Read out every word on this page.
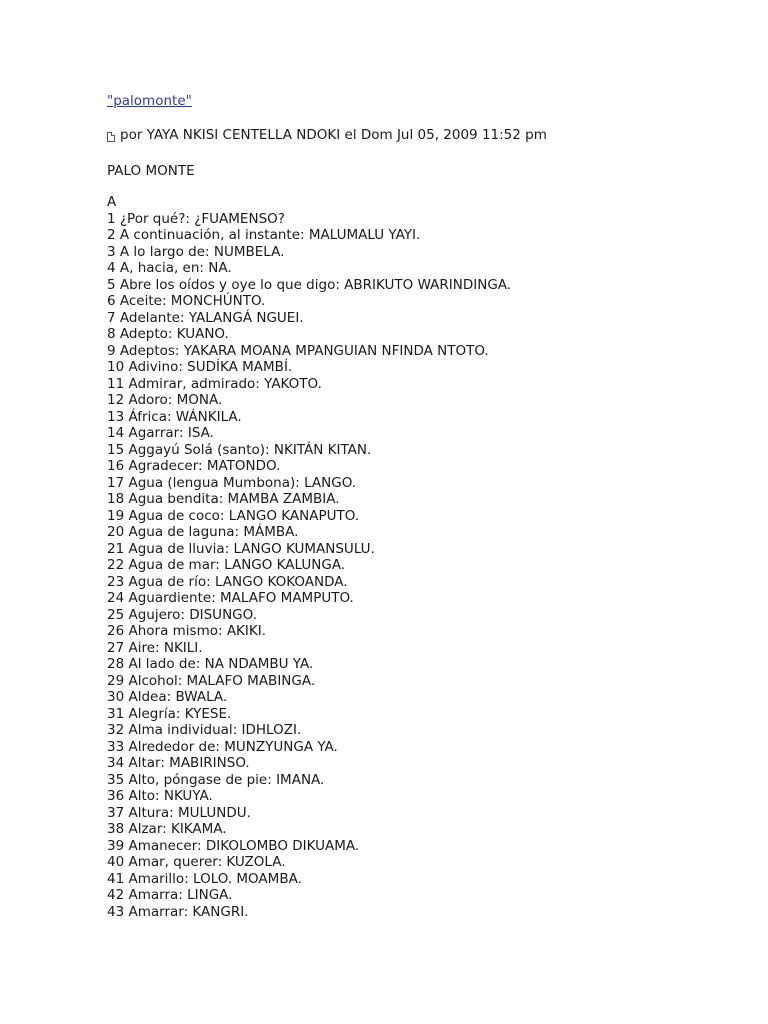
"palomonte"
por YAYA NKISI CENTELLA NDOKI el Dom Jul 05, 2009 11:52 pm
PALO MONTE
A
1 ¿Por qué?: ¿FUAMENSO?
2 A continuación, al instante: MALUMALU YAYI.
3 A lo largo de: NUMBELA.
4 A, hacia, en: NA.
5 Abre los oídos y oye lo que digo: ABRIKUTO WARINDINGA.
6 Aceite: MONCHÚNTO.
7 Adelante: YALANGÁ NGUEI.
8 Adepto: KUANO.
9 Adeptos: YAKARA MOANA MPANGUIAN NFINDA NTOTO.
10 Adivino: SUDÍKA MAMBÍ.
11 Admirar, admirado: YAKOTO.
12 Adoro: MONA.
13 África: WÁNKILA.
14 Agarrar: ISA.
15 Aggayú Solá (santo): NKITÁN KITAN.
16 Agradecer: MATONDO.
17 Agua (lengua Mumbona): LANGO.
18 Agua bendita: MAMBA ZAMBIA.
19 Agua de coco: LANGO KANAPUTO.
20 Agua de laguna: MÁMBA.
21 Agua de lluvia: LANGO KUMANSULU.
22 Agua de mar: LANGO KALUNGA.
23 Agua de río: LANGO KOKOANDA.
24 Aguardiente: MALAFO MAMPUTO.
25 Agujero: DISUNGO.
26 Ahora mismo: AKIKI.
27 Aire: NKILI.
28 Al lado de: NA NDAMBU YA.
29 Alcohol: MALAFO MABINGA.
30 Aldea: BWALA.
31 Alegría: KYESE.
32 Alma individual: IDHLOZI.
33 Alrededor de: MUNZYUNGA YA.
34 Altar: MABIRINSO.
35 Alto, póngase de pie: IMANA.
36 Alto: NKUYA.
37 Altura: MULUNDU.
38 Alzar: KIKAMA.
39 Amanecer: DIKOLOMBO DIKUAMA.
40 Amar, querer: KUZOLA.
41 Amarillo: LOLO. MOAMBA.
42 Amarra: LINGA.
43 Amarrar: KANGRI.
